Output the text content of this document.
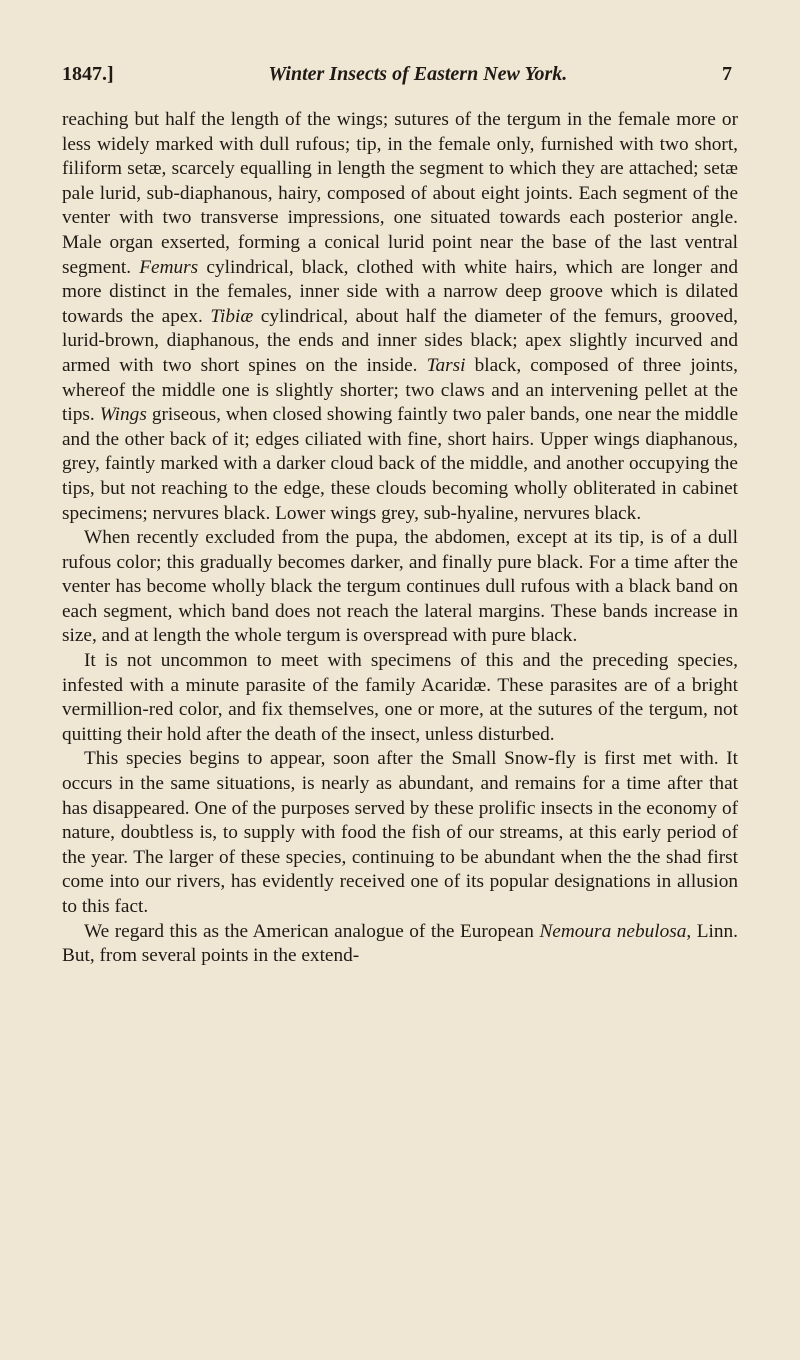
1847.]	Winter Insects of Eastern New York.	7

reaching but half the length of the wings; sutures of the tergum in the female more or less widely marked with dull rufous; tip, in the female only, furnished with two short, filiform setæ, scarcely equalling in length the segment to which they are attached; setæ pale lurid, sub-diaphanous, hairy, composed of about eight joints. Each segment of the venter with two transverse impressions, one situated towards each posterior angle. Male organ exserted, forming a conical lurid point near the base of the last ventral segment. Femurs cylindrical, black, clothed with white hairs, which are longer and more distinct in the females, inner side with a narrow deep groove which is dilated towards the apex. Tibiæ cylindrical, about half the diameter of the femurs, grooved, lurid-brown, diaphanous, the ends and inner sides black; apex slightly incurved and armed with two short spines on the inside. Tarsi black, composed of three joints, whereof the middle one is slightly shorter; two claws and an intervening pellet at the tips. Wings griseous, when closed showing faintly two paler bands, one near the middle and the other back of it; edges ciliated with fine, short hairs. Upper wings diaphanous, grey, faintly marked with a darker cloud back of the middle, and another occupying the tips, but not reaching to the edge, these clouds becoming wholly obliterated in cabinet specimens; nervures black. Lower wings grey, sub-hyaline, nervures black.

When recently excluded from the pupa, the abdomen, except at its tip, is of a dull rufous color; this gradually becomes darker, and finally pure black. For a time after the venter has become wholly black the tergum continues dull rufous with a black band on each segment, which band does not reach the lateral margins. These bands increase in size, and at length the whole tergum is overspread with pure black.

It is not uncommon to meet with specimens of this and the preceding species, infested with a minute parasite of the family Acaridæ. These parasites are of a bright vermillion-red color, and fix themselves, one or more, at the sutures of the tergum, not quitting their hold after the death of the insect, unless disturbed.

This species begins to appear, soon after the Small Snow-fly is first met with. It occurs in the same situations, is nearly as abundant, and remains for a time after that has disappeared. One of the purposes served by these prolific insects in the economy of nature, doubtless is, to supply with food the fish of our streams, at this early period of the year. The larger of these species, continuing to be abundant when the the shad first come into our rivers, has evidently received one of its popular designations in allusion to this fact.

We regard this as the American analogue of the European Nemoura nebulosa, Linn. But, from several points in the extend-
